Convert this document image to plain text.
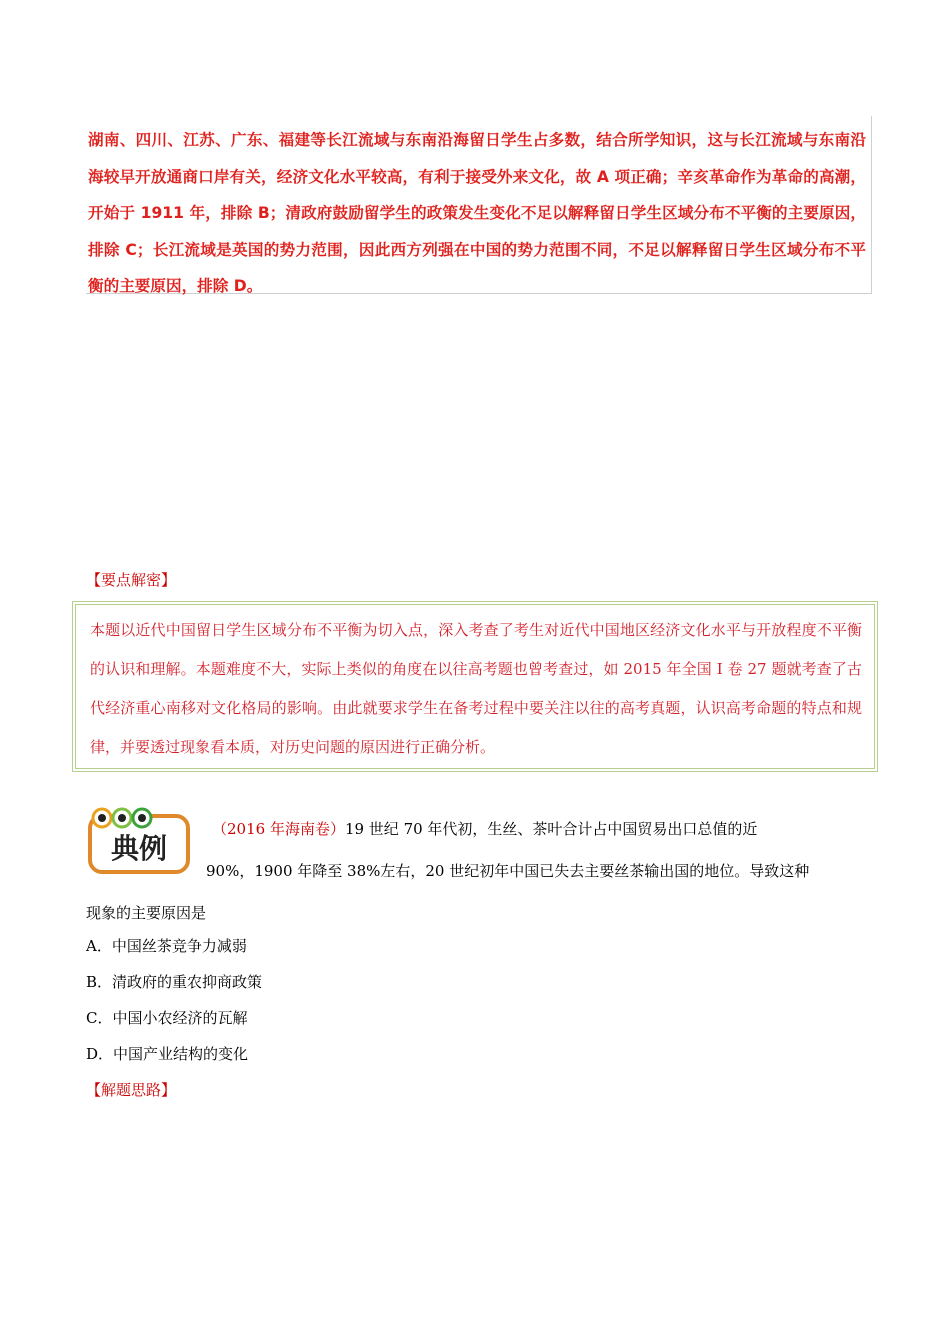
湖南、四川、江苏、广东、福建等长江流域与东南沿海留日学生占多数，结合所学知识，这与长江流域与东南沿海较早开放通商口岸有关，经济文化水平较高，有利于接受外来文化，故 A 项正确；辛亥革命作为革命的高潮，开始于 1911 年，排除 B；清政府鼓励留学生的政策发生变化不足以解释留日学生区域分布不平衡的主要原因，排除 C；长江流域是英国的势力范围，因此西方列强在中国的势力范围不同，不足以解释留日学生区域分布不平衡的主要原因，排除 D。

【要点解密】

本题以近代中国留日学生区域分布不平衡为切入点，深入考查了考生对近代中国地区经济文化水平与开放程度不平衡的认识和理解。本题难度不大，实际上类似的角度在以往高考题也曾考查过，如 2015 年全国 I 卷 27 题就考查了古代经济重心南移对文化格局的影响。由此就要求学生在备考过程中要关注以往的高考真题，认识高考命题的特点和规律，并要透过现象看本质，对历史问题的原因进行正确分析。

典例
（2016 年海南卷）19 世纪 70 年代初，生丝、茶叶合计占中国贸易出口总值的近
90%，1900 年降至 38%左右，20 世纪初年中国已失去主要丝茶输出国的地位。导致这种
现象的主要原因是

A．中国丝茶竞争力减弱

B．清政府的重农抑商政策

C．中国小农经济的瓦解

D．中国产业结构的变化

【解题思路】
